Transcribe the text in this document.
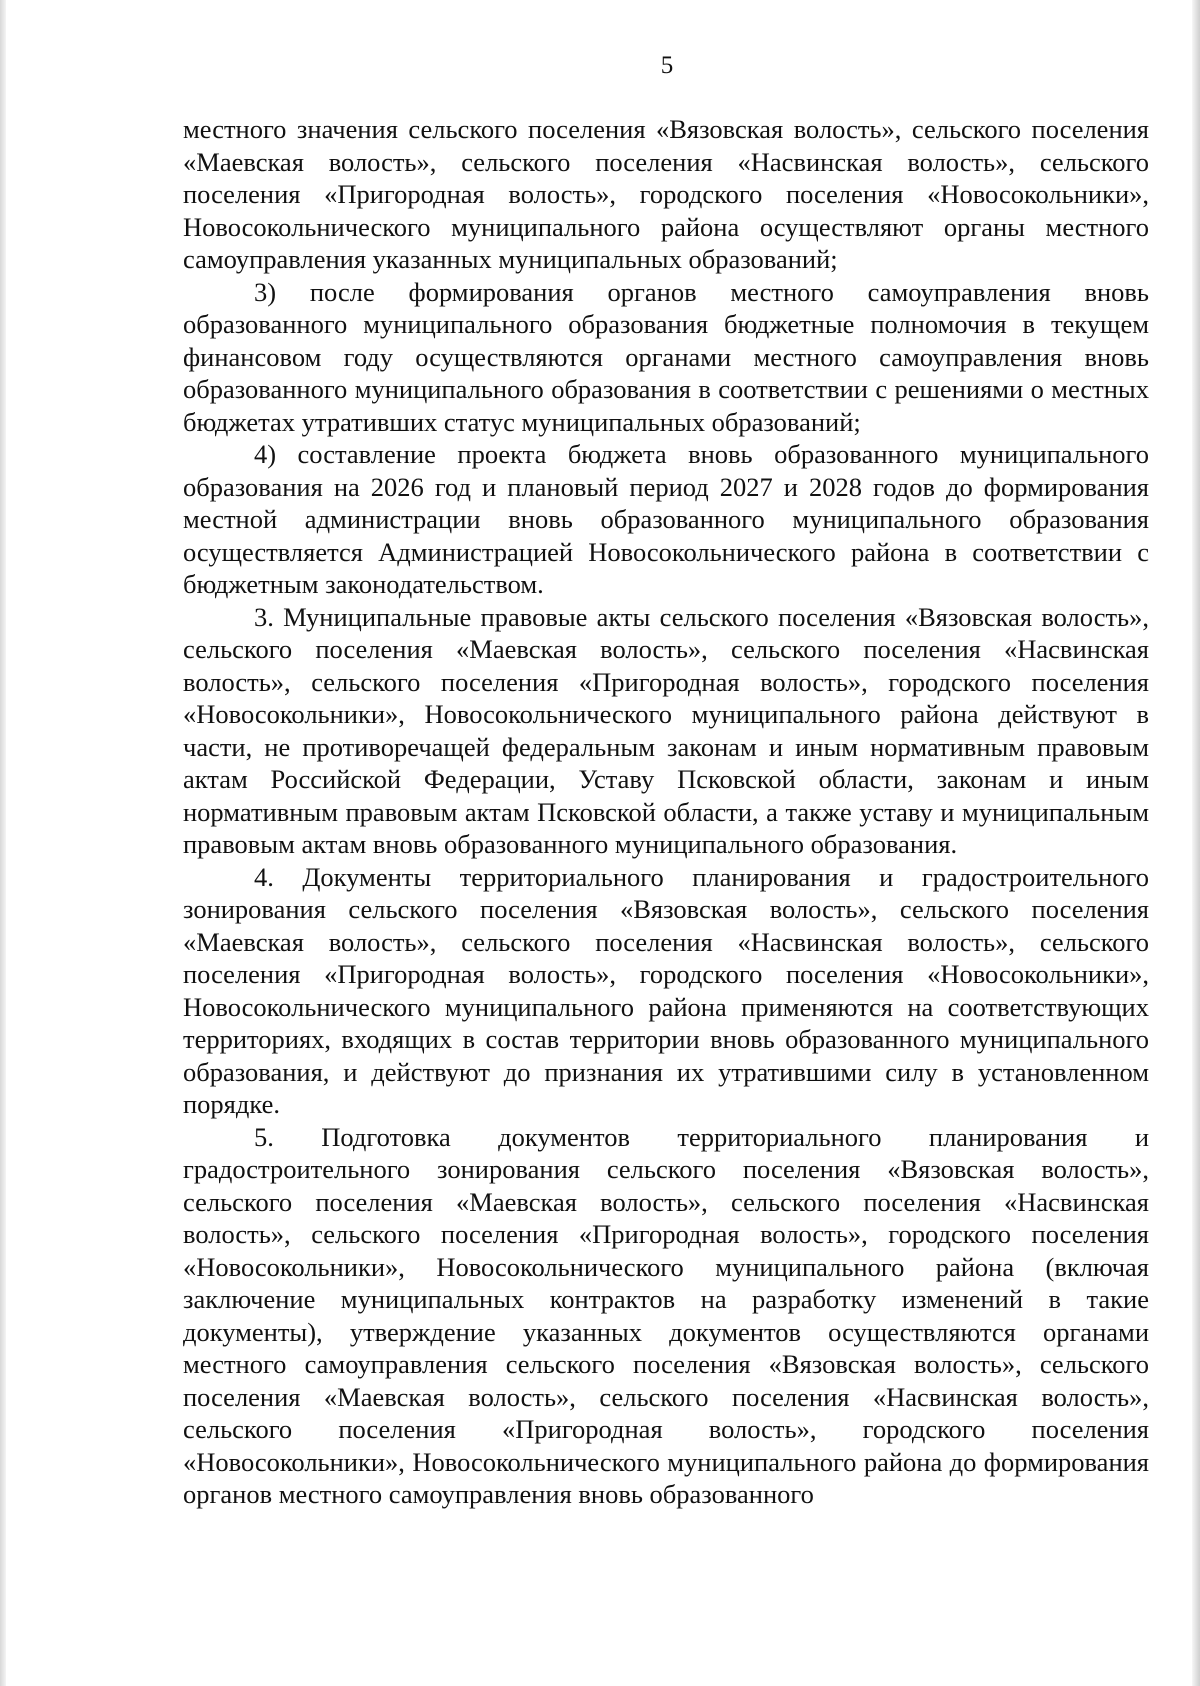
5

местного значения сельского поселения «Вязовская волость», сельского поселения «Маевская волость», сельского поселения «Насвинская волость», сельского поселения «Пригородная волость», городского поселения «Новосокольники», Новосокольнического муниципального района осуществляют органы местного самоуправления указанных муниципальных образований;

3) после формирования органов местного самоуправления вновь образованного муниципального образования бюджетные полномочия в текущем финансовом году осуществляются органами местного самоуправления вновь образованного муниципального образования в соответствии с решениями о местных бюджетах утративших статус муниципальных образований;

4) составление проекта бюджета вновь образованного муниципального образования на 2026 год и плановый период 2027 и 2028 годов до формирования местной администрации вновь образованного муниципального образования осуществляется Администрацией Новосокольнического района в соответствии с бюджетным законодательством.

3. Муниципальные правовые акты сельского поселения «Вязовская волость», сельского поселения «Маевская волость», сельского поселения «Насвинская волость», сельского поселения «Пригородная волость», городского поселения «Новосокольники», Новосокольнического муниципального района действуют в части, не противоречащей федеральным законам и иным нормативным правовым актам Российской Федерации, Уставу Псковской области, законам и иным нормативным правовым актам Псковской области, а также уставу и муниципальным правовым актам вновь образованного муниципального образования.

4. Документы территориального планирования и градостроительного зонирования сельского поселения «Вязовская волость», сельского поселения «Маевская волость», сельского поселения «Насвинская волость», сельского поселения «Пригородная волость», городского поселения «Новосокольники», Новосокольнического муниципального района применяются на соответствующих территориях, входящих в состав территории вновь образованного муниципального образования, и действуют до признания их утратившими силу в установленном порядке.

5. Подготовка документов территориального планирования и градостроительного зонирования сельского поселения «Вязовская волость», сельского поселения «Маевская волость», сельского поселения «Насвинская волость», сельского поселения «Пригородная волость», городского поселения «Новосокольники», Новосокольнического муниципального района (включая заключение муниципальных контрактов на разработку изменений в такие документы), утверждение указанных документов осуществляются органами местного самоуправления сельского поселения «Вязовская волость», сельского поселения «Маевская волость», сельского поселения «Насвинская волость», сельского поселения «Пригородная волость», городского поселения «Новосокольники», Новосокольнического муниципального района до формирования органов местного самоуправления вновь образованного
